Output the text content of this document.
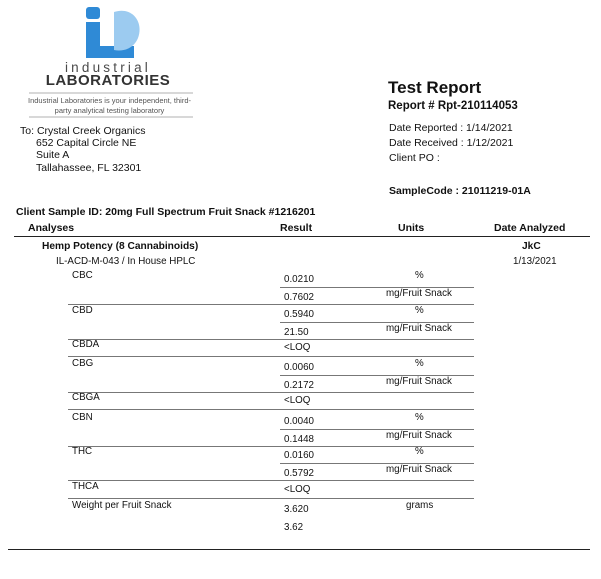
industrial
LABORATORIES
Industrial Laboratories is your independent, third-party analytical testing laboratory
To: Crystal Creek Organics
652 Capital Circle NE
Suite A
Tallahassee, FL 32301
Test Report
Report # Rpt-210114053
Date Reported : 1/14/2021
Date Received : 1/12/2021
Client PO :
SampleCode : 21011219-01A
Client Sample ID: 20mg Full Spectrum Fruit Snack #1216201
Analyses	Result	Units	Date Analyzed
Hemp Potency (8 Cannabinoids)	JkC
IL-ACD-M-043 / In House HPLC	1/13/2021
CBC	0.0210	%
0.7602	mg/Fruit Snack
CBD	0.5940	%
21.50	mg/Fruit Snack
CBDA	<LOQ
CBG	0.0060	%
0.2172	mg/Fruit Snack
CBGA	<LOQ
CBN	0.0040	%
0.1448	mg/Fruit Snack
THC	0.0160	%
0.5792	mg/Fruit Snack
THCA	<LOQ
Weight per Fruit Snack	3.620	grams
3.62
